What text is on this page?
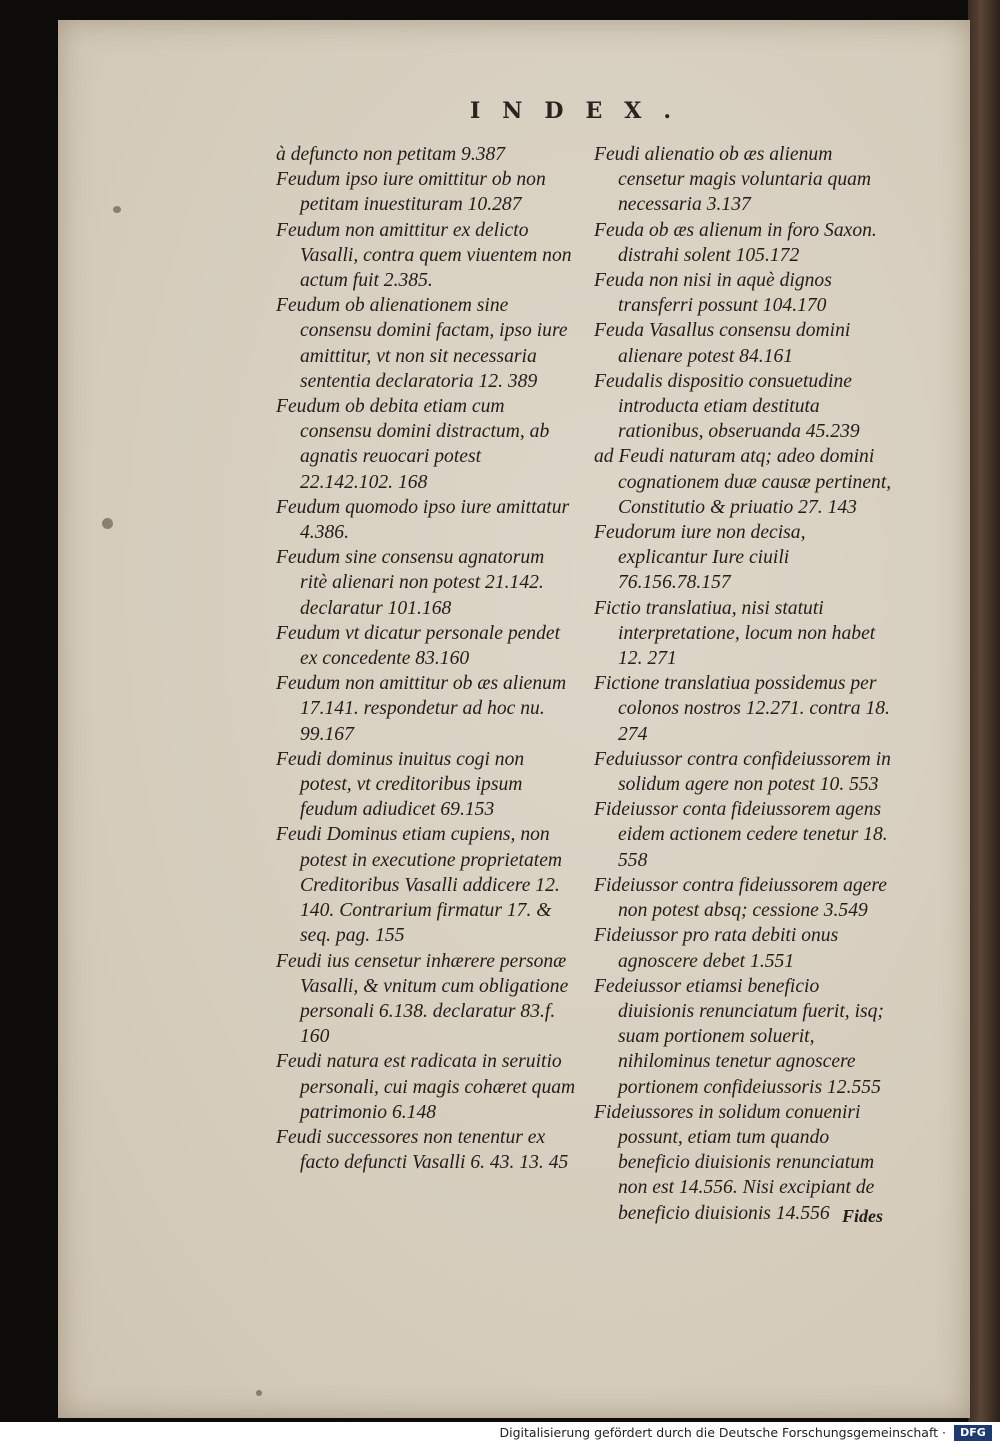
INDEX.

à defuncto non petitam 9.387

Feudum ipso iure omittitur ob non petitam inuestituram 10.287

Feudum non amittitur ex delicto Vasalli, contra quem viuentem non actum fuit 2.385.

Feudum ob alienationem sine consensu domini factam, ipso iure amittitur, vt non sit necessaria sententia declaratoria 12. 389

Feudum ob debita etiam cum consensu domini distractum, ab agnatis reuocari potest 22.142.102. 168

Feudum quomodo ipso iure amittatur 4.386.

Feudum sine consensu agnatorum ritè alienari non potest 21.142. declaratur 101.168

Feudum vt dicatur personale pendet ex concedente 83.160

Feudum non amittitur ob æs alienum 17.141. respondetur ad hoc nu. 99.167

Feudi dominus inuitus cogi non potest, vt creditoribus ipsum feudum adiudicet 69.153

Feudi Dominus etiam cupiens, non potest in executione proprietatem Creditoribus Vasalli addicere 12. 140. Contrarium firmatur 17. & seq. pag. 155

Feudi ius censetur inhærere personæ Vasalli, & vnitum cum obligatione personali 6.138. declaratur 83.f. 160

Feudi natura est radicata in seruitio personali, cui magis cohæret quam patrimonio 6.148

Feudi successores non tenentur ex facto defuncti Vasalli 6. 43. 13. 45

Feudi alienatio ob æs alienum censetur magis voluntaria quam necessaria 3.137

Feuda ob æs alienum in foro Saxon. distrahi solent 105.172

Feuda non nisi in aquè dignos transferri possunt 104.170

Feuda Vasallus consensu domini alienare potest 84.161

Feudalis dispositio consuetudine introducta etiam destituta rationibus, obseruanda 45.239

ad Feudi naturam atq; adeo domini cognationem duæ causæ pertinent, Constitutio & priuatio 27. 143

Feudorum iure non decisa, explicantur Iure ciuili 76.156.78.157

Fictio translatiua, nisi statuti interpretatione, locum non habet 12. 271

Fictione translatiua possidemus per colonos nostros 12.271. contra 18. 274

Feduiussor contra confideiussorem in solidum agere non potest 10. 553

Fideiussor conta fideiussorem agens eidem actionem cedere tenetur 18. 558

Fideiussor contra fideiussorem agere non potest absq; cessione 3.549

Fideiussor pro rata debiti onus agnoscere debet 1.551

Fedeiussor etiamsi beneficio diuisionis renunciatum fuerit, isq; suam portionem soluerit, nihilominus tenetur agnoscere portionem confideiussoris 12.555

Fideiussores in solidum conueniri possunt, etiam tum quando beneficio diuisionis renunciatum non est 14.556. Nisi excipiant de beneficio diuisionis 14.556 Fides
Digitalisierung gefördert durch die Deutsche Forschungsgemeinschaft ·	DFG
